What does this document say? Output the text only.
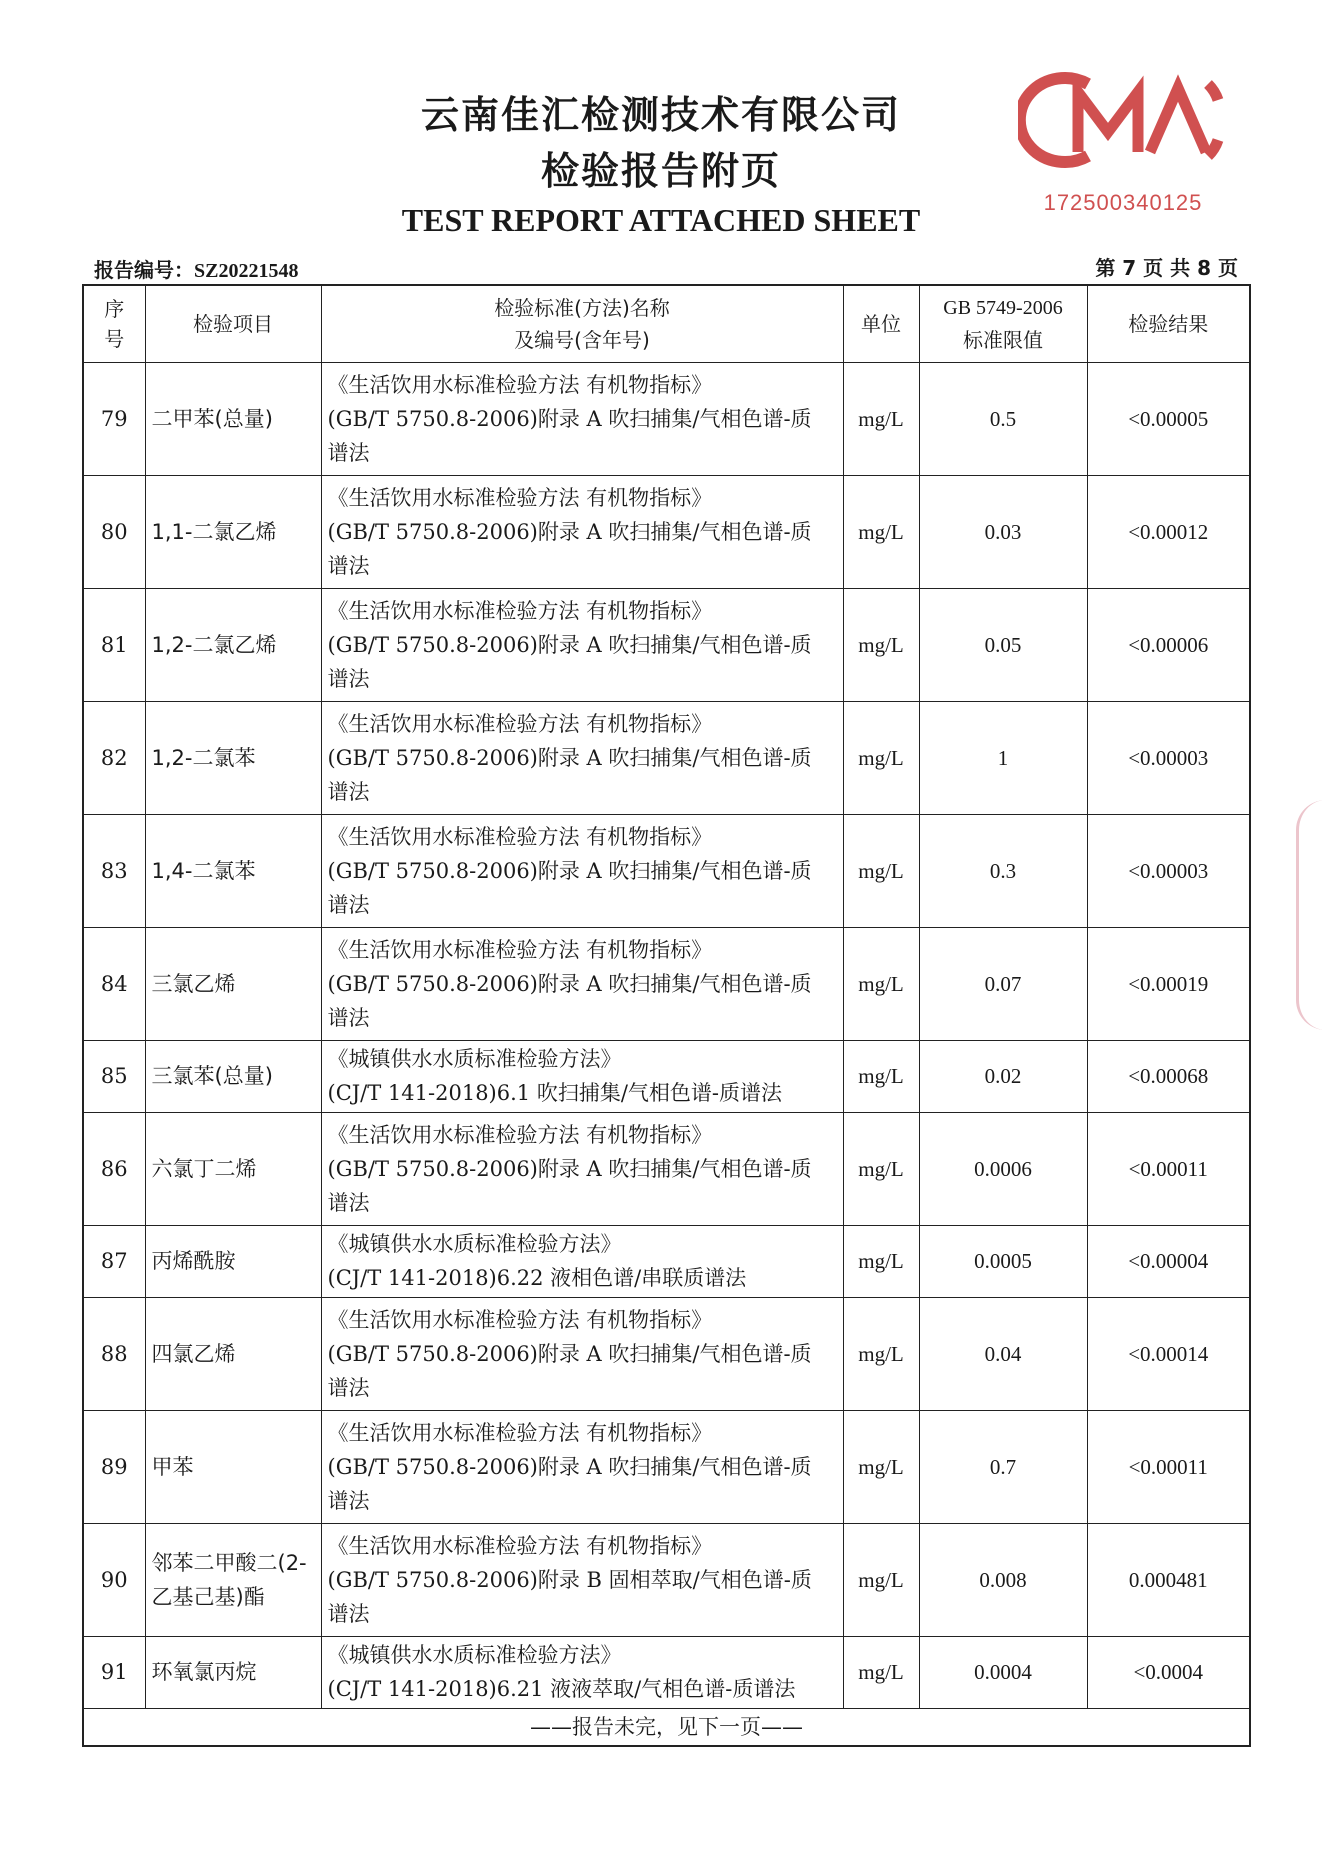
云南佳汇检测技术有限公司
检验报告附页
TEST REPORT ATTACHED SHEET	172500340125
报告编号：SZ20221548	第 7 页 共 8 页
序号	检验项目	检验标准(方法)名称
及编号(含年号)	单位	GB 5749-2006
标准限值	检验结果
79	二甲苯(总量)	《生活饮用水标准检验方法 有机物指标》
(GB/T 5750.8-2006)附录 A 吹扫捕集/气相色谱-质
谱法	mg/L	0.5	<0.00005
80	1,1-二氯乙烯	《生活饮用水标准检验方法 有机物指标》
(GB/T 5750.8-2006)附录 A 吹扫捕集/气相色谱-质
谱法	mg/L	0.03	<0.00012
81	1,2-二氯乙烯	《生活饮用水标准检验方法 有机物指标》
(GB/T 5750.8-2006)附录 A 吹扫捕集/气相色谱-质
谱法	mg/L	0.05	<0.00006
82	1,2-二氯苯	《生活饮用水标准检验方法 有机物指标》
(GB/T 5750.8-2006)附录 A 吹扫捕集/气相色谱-质
谱法	mg/L	1	<0.00003
83	1,4-二氯苯	《生活饮用水标准检验方法 有机物指标》
(GB/T 5750.8-2006)附录 A 吹扫捕集/气相色谱-质
谱法	mg/L	0.3	<0.00003
84	三氯乙烯	《生活饮用水标准检验方法 有机物指标》
(GB/T 5750.8-2006)附录 A 吹扫捕集/气相色谱-质
谱法	mg/L	0.07	<0.00019
85	三氯苯(总量)	《城镇供水水质标准检验方法》
(CJ/T 141-2018)6.1 吹扫捕集/气相色谱-质谱法	mg/L	0.02	<0.00068
86	六氯丁二烯	《生活饮用水标准检验方法 有机物指标》
(GB/T 5750.8-2006)附录 A 吹扫捕集/气相色谱-质
谱法	mg/L	0.0006	<0.00011
87	丙烯酰胺	《城镇供水水质标准检验方法》
(CJ/T 141-2018)6.22 液相色谱/串联质谱法	mg/L	0.0005	<0.00004
88	四氯乙烯	《生活饮用水标准检验方法 有机物指标》
(GB/T 5750.8-2006)附录 A 吹扫捕集/气相色谱-质
谱法	mg/L	0.04	<0.00014
89	甲苯	《生活饮用水标准检验方法 有机物指标》
(GB/T 5750.8-2006)附录 A 吹扫捕集/气相色谱-质
谱法	mg/L	0.7	<0.00011
90	邻苯二甲酸二(2-乙基己基)酯	《生活饮用水标准检验方法 有机物指标》
(GB/T 5750.8-2006)附录 B 固相萃取/气相色谱-质
谱法	mg/L	0.008	0.000481
91	环氧氯丙烷	《城镇供水水质标准检验方法》
(CJ/T 141-2018)6.21 液液萃取/气相色谱-质谱法	mg/L	0.0004	<0.0004
——报告未完，见下一页——					
